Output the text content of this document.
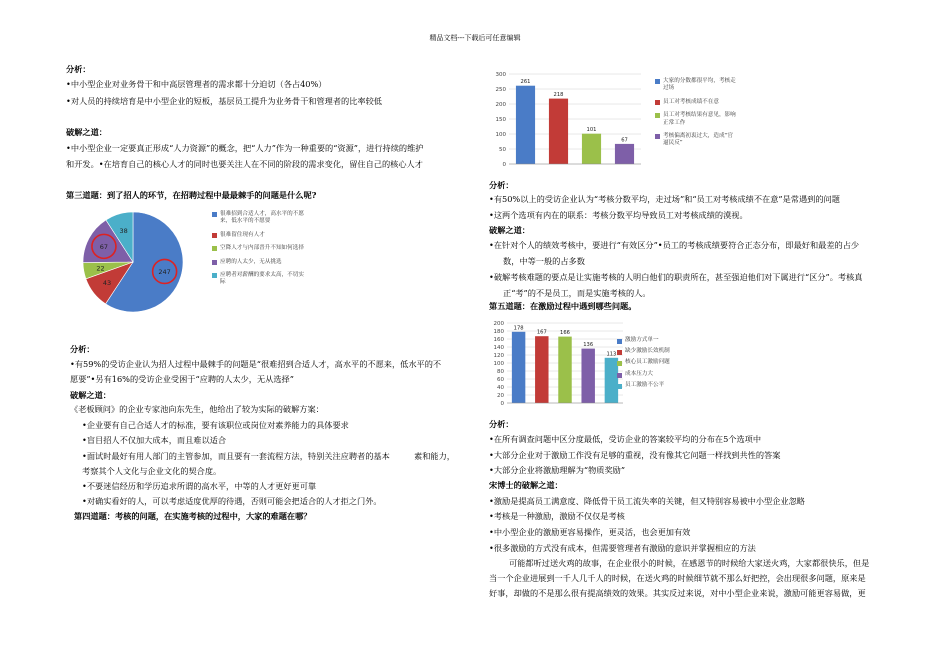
精品文档---下载后可任意编辑

分析：

•中小型企业对业务骨干和中高层管理者的需求都十分迫切（各占40%）

•对人员的持续培育是中小型企业的短板，基层员工提升为业务骨干和管理者的比率较低

破解之道：

•中小型企业一定要真正形成“人力资源”的概念，把“人力”作为一种重要的“资源”，进行持续的维护

和开发。•在培育自己的核心人才的同时也要关注人在不同的阶段的需求变化，留住自己的核心人才

第三道题：到了招人的环节，在招聘过程中最最棘手的问题是什么呢?

分析：

•有59%的受访企业认为招人过程中最棘手的问题是“很难招到合适人才，高水平的不愿来，低水平的不

愿要”•另有16%的受访企业受困于“应聘的人太少，无从选择”

破解之道：

《老板顾问》的企业专家池向东先生，他给出了较为实际的破解方案：

•企业要有自己合适人才的标准，要有该职位或岗位对素养能力的具体要求

•盲目招人不仅加大成本，而且难以适合

•面试时最好有用人部门的主管参加，而且要有一套流程方法，特别关注应聘者的基本	素和能力，

考察其个人文化与企业文化的契合度。

•不要迷信经历和学历追求所谓的高水平，中等的人才更好更可靠

•对确实看好的人，可以考虑适度优厚的待遇，否则可能会把适合的人才拒之门外。

第四道题：考核的问题，在实施考核的过程中，大家的难题在哪？

247
43
22
67
38
很难招到合适人才，高水平的不愿来，低水平的不愿要
很难留住现有人才
空降人才与内部晋升不知如何选择
应聘的人太少，无从挑选
应聘者对薪酬的要求太高，不切实际
0
50
100
150
200
250
300
261
218
101
67
大家的分数都很平均，考核走过场
员工对考核成绩不在意
员工对考核结果有意见，影响正常工作
考核偏离初衷过大，造成“官逼民反”
0
20
40
60
80
100
120
140
160
180
200
178
167	166
136
113
激励方式单一
缺少激励长效机制
核心员工激励问题
成本压力大
员工激励不公平

分析：

•有50%以上的受访企业认为“考核分数平均，走过场”和“员工对考核成绩不在意”是常遇到的问题

•这两个选项有内在的联系：考核分数平均导致员工对考核成绩的漠视。

破解之道：

•在针对个人的绩效考核中，要进行“有效区分”•员工的考核成绩要符合正态分布，即最好和最差的占少

数，中等一般的占多数

•破解考核难题的要点是让实施考核的人明白他们的职责所在，甚至强迫他们对下属进行“区分”。考核真

正“考”的不是员工，而是实施考核的人。

第五道题：在激励过程中遇到哪些问题。

分析：

•在所有调查问题中区分度最低，受访企业的答案较平均的分布在5个选项中

•大部分企业对于激励工作没有足够的重视，没有像其它问题一样找到共性的答案

•大部分企业将激励理解为“物质奖励”

宋博士的破解之道：

•激励是提高员工满意度、降低骨干员工流失率的关键，但又特别容易被中小型企业忽略

•考核是一种激励，激励不仅仅是考核

•中小型企业的激励更容易操作，更灵活，也会更加有效

•很多激励的方式没有成本，但需要管理者有激励的意识并掌握相应的方法

可能都听过送火鸡的故事，在企业很小的时候，在感恩节的时候给大家送火鸡，大家都很快乐，但是

当一个企业进展到一千人几千人的时候，在送火鸡的时候细节就不那么好把控，会出现很多问题，原来是

好事，却做的不是那么很有提高绩效的效果。其实反过来说，对中小型企业来说，激励可能更容易做，更
